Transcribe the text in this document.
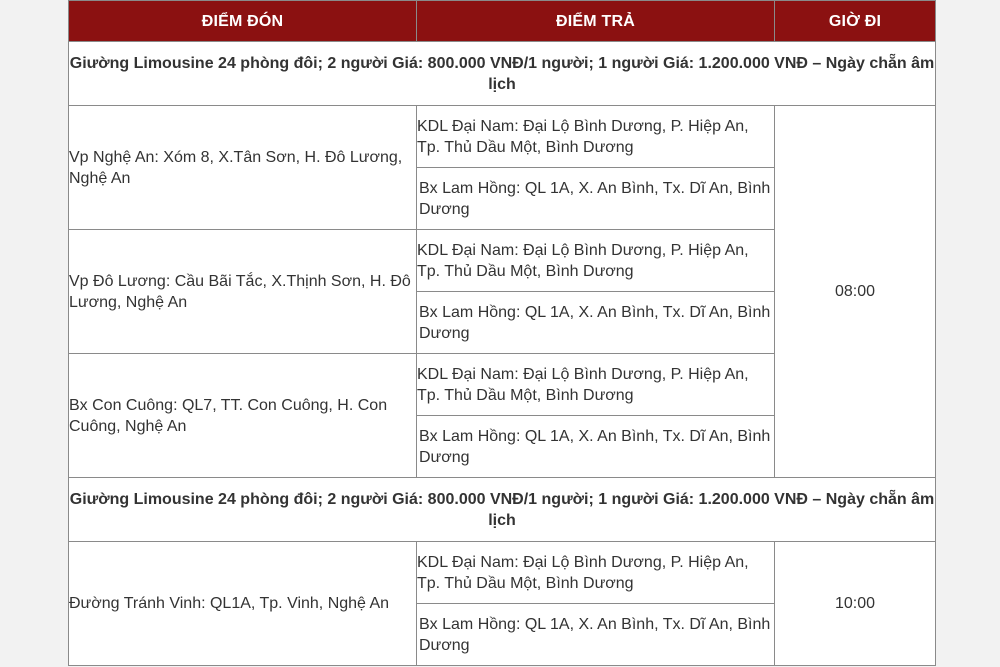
ĐIỂM ĐÓN	ĐIỂM TRẢ	GIỜ ĐI
Giường Limousine 24 phòng đôi; 2 người Giá: 800.000 VNĐ/1 người; 1 người Giá: 1.200.000 VNĐ – Ngày chẵn âm lịch		
Vp Nghệ An: Xóm 8, X.Tân Sơn, H. Đô Lương, Nghệ An	KDL Đại Nam: Đại Lộ Bình Dương, P. Hiệp An, Tp. Thủ Dầu Một, Bình Dương	08:00
	Bx Lam Hồng: QL 1A, X. An Bình, Tx. Dĩ An, Bình Dương	
Vp Đô Lương: Cầu Bãi Tắc, X.Thịnh Sơn, H. Đô Lương, Nghệ An	KDL Đại Nam: Đại Lộ Bình Dương, P. Hiệp An, Tp. Thủ Dầu Một, Bình Dương	
	Bx Lam Hồng: QL 1A, X. An Bình, Tx. Dĩ An, Bình Dương	
Bx Con Cuông: QL7, TT. Con Cuông, H. Con Cuông, Nghệ An	KDL Đại Nam: Đại Lộ Bình Dương, P. Hiệp An, Tp. Thủ Dầu Một, Bình Dương	
	Bx Lam Hồng: QL 1A, X. An Bình, Tx. Dĩ An, Bình Dương	
Giường Limousine 24 phòng đôi; 2 người Giá: 800.000 VNĐ/1 người; 1 người Giá: 1.200.000 VNĐ – Ngày chẵn âm lịch		
Đường Tránh Vinh: QL1A, Tp. Vinh, Nghệ An	KDL Đại Nam: Đại Lộ Bình Dương, P. Hiệp An, Tp. Thủ Dầu Một, Bình Dương	10:00
	Bx Lam Hồng: QL 1A, X. An Bình, Tx. Dĩ An, Bình Dương	
